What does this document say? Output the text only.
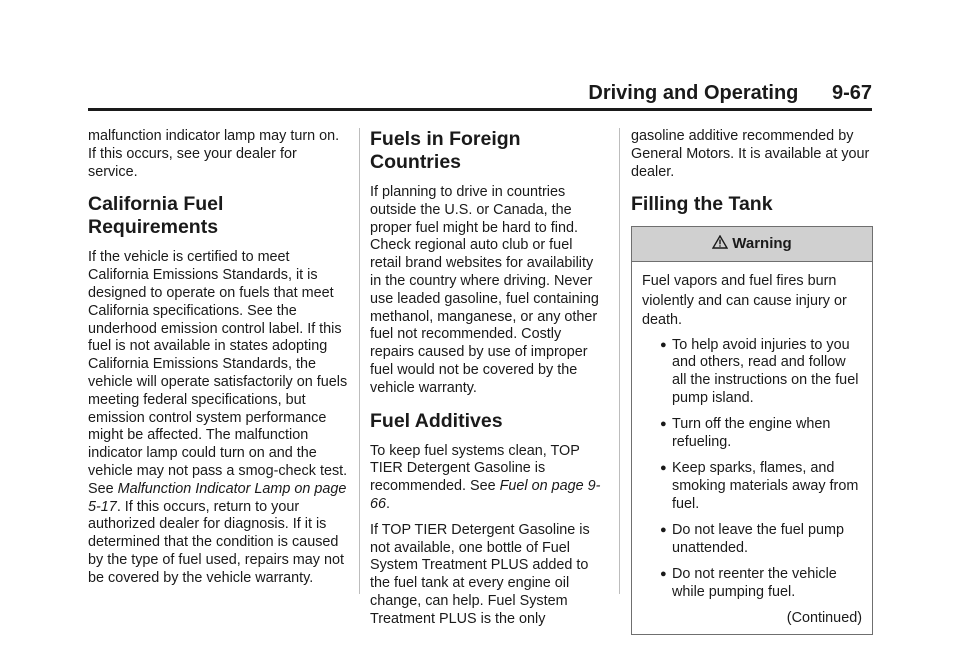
Driving and Operating 9-67

malfunction indicator lamp may turn on. If this occurs, see your dealer for service.

California Fuel Requirements

If the vehicle is certified to meet California Emissions Standards, it is designed to operate on fuels that meet California specifications. See the underhood emission control label. If this fuel is not available in states adopting California Emissions Standards, the vehicle will operate satisfactorily on fuels meeting federal specifications, but emission control system performance might be affected. The malfunction indicator lamp could turn on and the vehicle may not pass a smog-check test. See Malfunction Indicator Lamp on page 5-17. If this occurs, return to your authorized dealer for diagnosis. If it is determined that the condition is caused by the type of fuel used, repairs may not be covered by the vehicle warranty.

Fuels in Foreign Countries

If planning to drive in countries outside the U.S. or Canada, the proper fuel might be hard to find. Check regional auto club or fuel retail brand websites for availability in the country where driving. Never use leaded gasoline, fuel containing methanol, manganese, or any other fuel not recommended. Costly repairs caused by use of improper fuel would not be covered by the vehicle warranty.

Fuel Additives

To keep fuel systems clean, TOP TIER Detergent Gasoline is recommended. See Fuel on page 9-66.

If TOP TIER Detergent Gasoline is not available, one bottle of Fuel System Treatment PLUS added to the fuel tank at every engine oil change, can help. Fuel System Treatment PLUS is the only

gasoline additive recommended by General Motors. It is available at your dealer.

Filling the Tank
Warning
Fuel vapors and fuel fires burn violently and can cause injury or death.
● To help avoid injuries to you and others, read and follow all the instructions on the fuel pump island.
● Turn off the engine when refueling.
● Keep sparks, flames, and smoking materials away from fuel.
● Do not leave the fuel pump unattended.
● Do not reenter the vehicle while pumping fuel.
(Continued)
